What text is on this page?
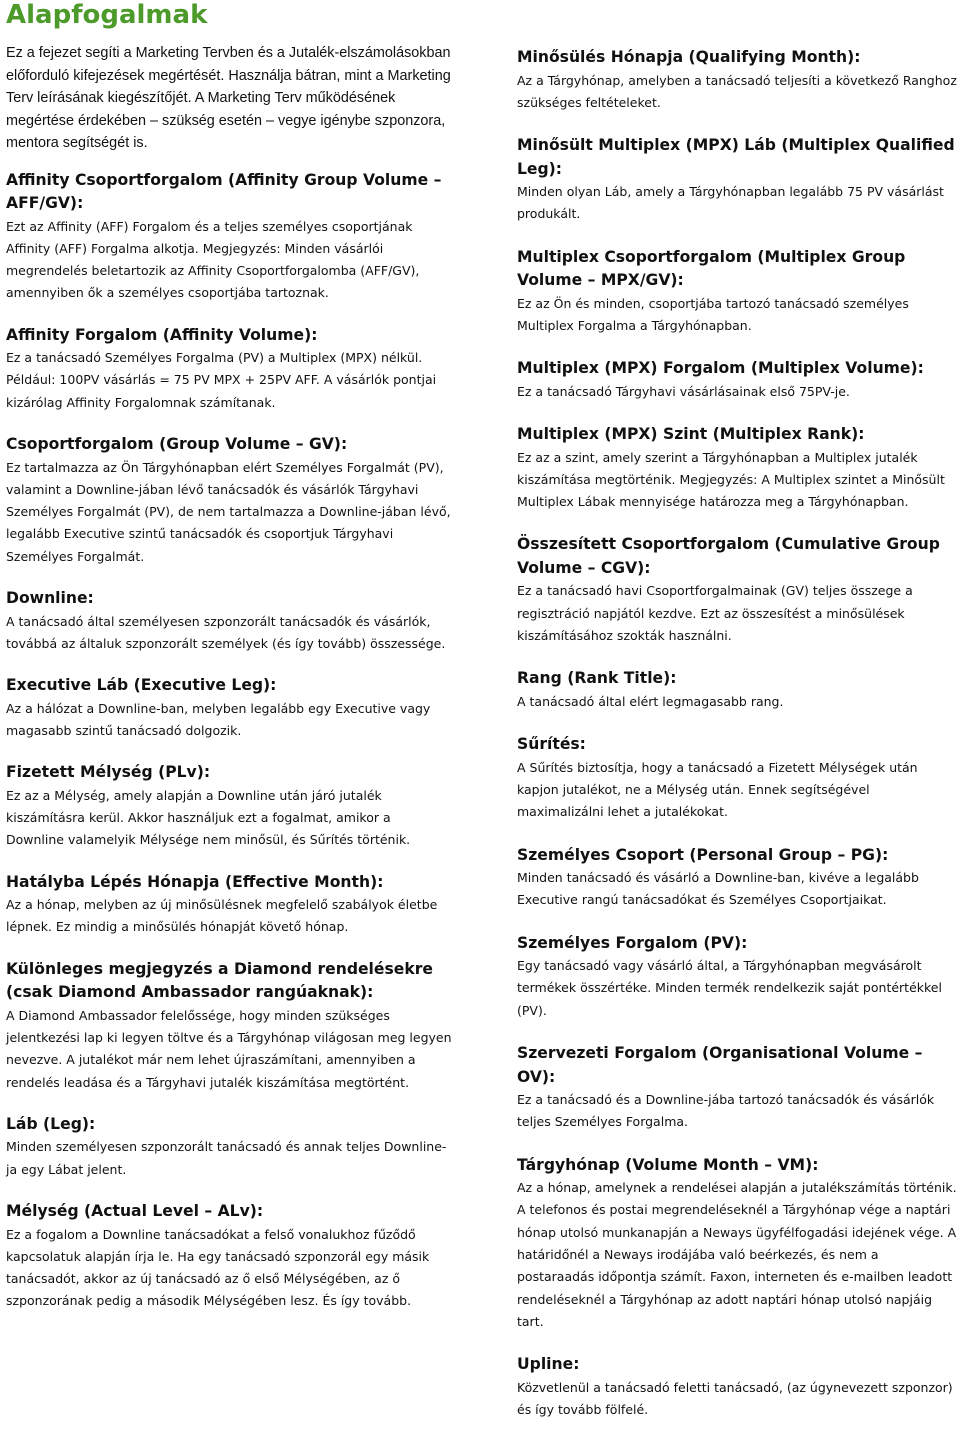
Alapfogalmak

Ez a fejezet segíti a Marketing Tervben és a Jutalék-elszámolásokban előforduló kifejezések megértését. Használja bátran, mint a Marketing Terv leírásának kiegészítőjét. A Marketing Terv működésének megértése érdekében – szükség esetén – vegye igénybe szponzora, mentora segítségét is.

Affinity Csoportforgalom (Affinity Group Volume – AFF/GV):

Ezt az Affinity (AFF) Forgalom és a teljes személyes csoportjának Affinity (AFF) Forgalma alkotja. Megjegyzés: Minden vásárlói megrendelés beletartozik az Affinity Csoportforgalomba (AFF/GV), amennyiben ők a személyes csoportjába tartoznak.

Affinity Forgalom (Affinity Volume):

Ez a tanácsadó Személyes Forgalma (PV) a Multiplex (MPX) nélkül. Például: 100PV vásárlás = 75 PV MPX + 25PV AFF. A vásárlók pontjai kizárólag Affinity Forgalomnak számítanak.

Csoportforgalom (Group Volume – GV):

Ez tartalmazza az Ön Tárgyhónapban elért Személyes Forgalmát (PV), valamint a Downline-jában lévő tanácsadók és vásárlók Tárgyhavi Személyes Forgalmát (PV), de nem tartalmazza a Downline-jában lévő, legalább Executive szintű tanácsadók és csoportjuk Tárgyhavi Személyes Forgalmát.

Downline:

A tanácsadó által személyesen szponzorált tanácsadók és vásárlók, továbbá az általuk szponzorált személyek (és így tovább) összessége.

Executive Láb (Executive Leg):

Az a hálózat a Downline-ban, melyben legalább egy Executive vagy magasabb szintű tanácsadó dolgozik.

Fizetett Mélység (PLv):

Ez az a Mélység, amely alapján a Downline után járó jutalék kiszámításra kerül. Akkor használjuk ezt a fogalmat, amikor a Downline valamelyik Mélysége nem minősül, és Sűrítés történik.

Hatályba Lépés Hónapja (Effective Month):

Az a hónap, melyben az új minősülésnek megfelelő szabályok életbe lépnek. Ez mindig a minősülés hónapját követő hónap.

Különleges megjegyzés a Diamond rendelésekre (csak Diamond Ambassador rangúaknak):

A Diamond Ambassador felelőssége, hogy minden szükséges jelentkezési lap ki legyen töltve és a Tárgyhónap világosan meg legyen nevezve. A jutalékot már nem lehet újraszámítani, amennyiben a rendelés leadása és a Tárgyhavi jutalék kiszámítása megtörtént.

Láb (Leg):

Minden személyesen szponzorált tanácsadó és annak teljes Downline-ja egy Lábat jelent.

Mélység (Actual Level – ALv):

Ez a fogalom a Downline tanácsadókat a felső vonalukhoz fűződő kapcsolatuk alapján írja le. Ha egy tanácsadó szponzorál egy másik tanácsadót, akkor az új tanácsadó az ő első Mélységében, az ő szponzorának pedig a második Mélységében lesz. És így tovább.

Minősülés Hónapja (Qualifying Month):

Az a Tárgyhónap, amelyben a tanácsadó teljesíti a következő Ranghoz szükséges feltételeket.

Minősült Multiplex (MPX) Láb (Multiplex Qualified Leg):

Minden olyan Láb, amely a Tárgyhónapban legalább 75 PV vásárlást produkált.

Multiplex Csoportforgalom (Multiplex Group Volume – MPX/GV):

Ez az Ön és minden, csoportjába tartozó tanácsadó személyes Multiplex Forgalma a Tárgyhónapban.

Multiplex (MPX) Forgalom (Multiplex Volume):

Ez a tanácsadó Tárgyhavi vásárlásainak első 75PV-je.

Multiplex (MPX) Szint (Multiplex Rank):

Ez az a szint, amely szerint a Tárgyhónapban a Multiplex jutalék kiszámítása megtörténik. Megjegyzés: A Multiplex szintet a Minősült Multiplex Lábak mennyisége határozza meg a Tárgyhónapban.

Összesített Csoportforgalom (Cumulative Group Volume – CGV):

Ez a tanácsadó havi Csoportforgalmainak (GV) teljes összege a regisztráció napjától kezdve. Ezt az összesítést a minősülések kiszámításához szokták használni.

Rang (Rank Title):

A tanácsadó által elért legmagasabb rang.

Sűrítés:

A Sűrítés biztosítja, hogy a tanácsadó a Fizetett Mélységek után kapjon jutalékot, ne a Mélység után. Ennek segítségével maximalizálni lehet a jutalékokat.

Személyes Csoport (Personal Group – PG):

Minden tanácsadó és vásárló a Downline-ban, kivéve a legalább Executive rangú tanácsadókat és Személyes Csoportjaikat.

Személyes Forgalom (PV):

Egy tanácsadó vagy vásárló által, a Tárgyhónapban megvásárolt termékek összértéke. Minden termék rendelkezik saját pontértékkel (PV).

Szervezeti Forgalom (Organisational Volume – OV):

Ez a tanácsadó és a Downline-jába tartozó tanácsadók és vásárlók teljes Személyes Forgalma.

Tárgyhónap (Volume Month – VM):

Az a hónap, amelynek a rendelései alapján a jutalékszámítás történik. A telefonos és postai megrendeléseknél a Tárgyhónap vége a naptári hónap utolsó munkanapján a Neways ügyfélfogadási idejének vége. A határidőnél a Neways irodájába való beérkezés, és nem a postaraadás időpontja számít. Faxon, interneten és e-mailben leadott rendeléseknél a Tárgyhónap az adott naptári hónap utolsó napjáig tart.

Upline:

Közvetlenül a tanácsadó feletti tanácsadó, (az úgynevezett szponzor) és így tovább fölfelé.
